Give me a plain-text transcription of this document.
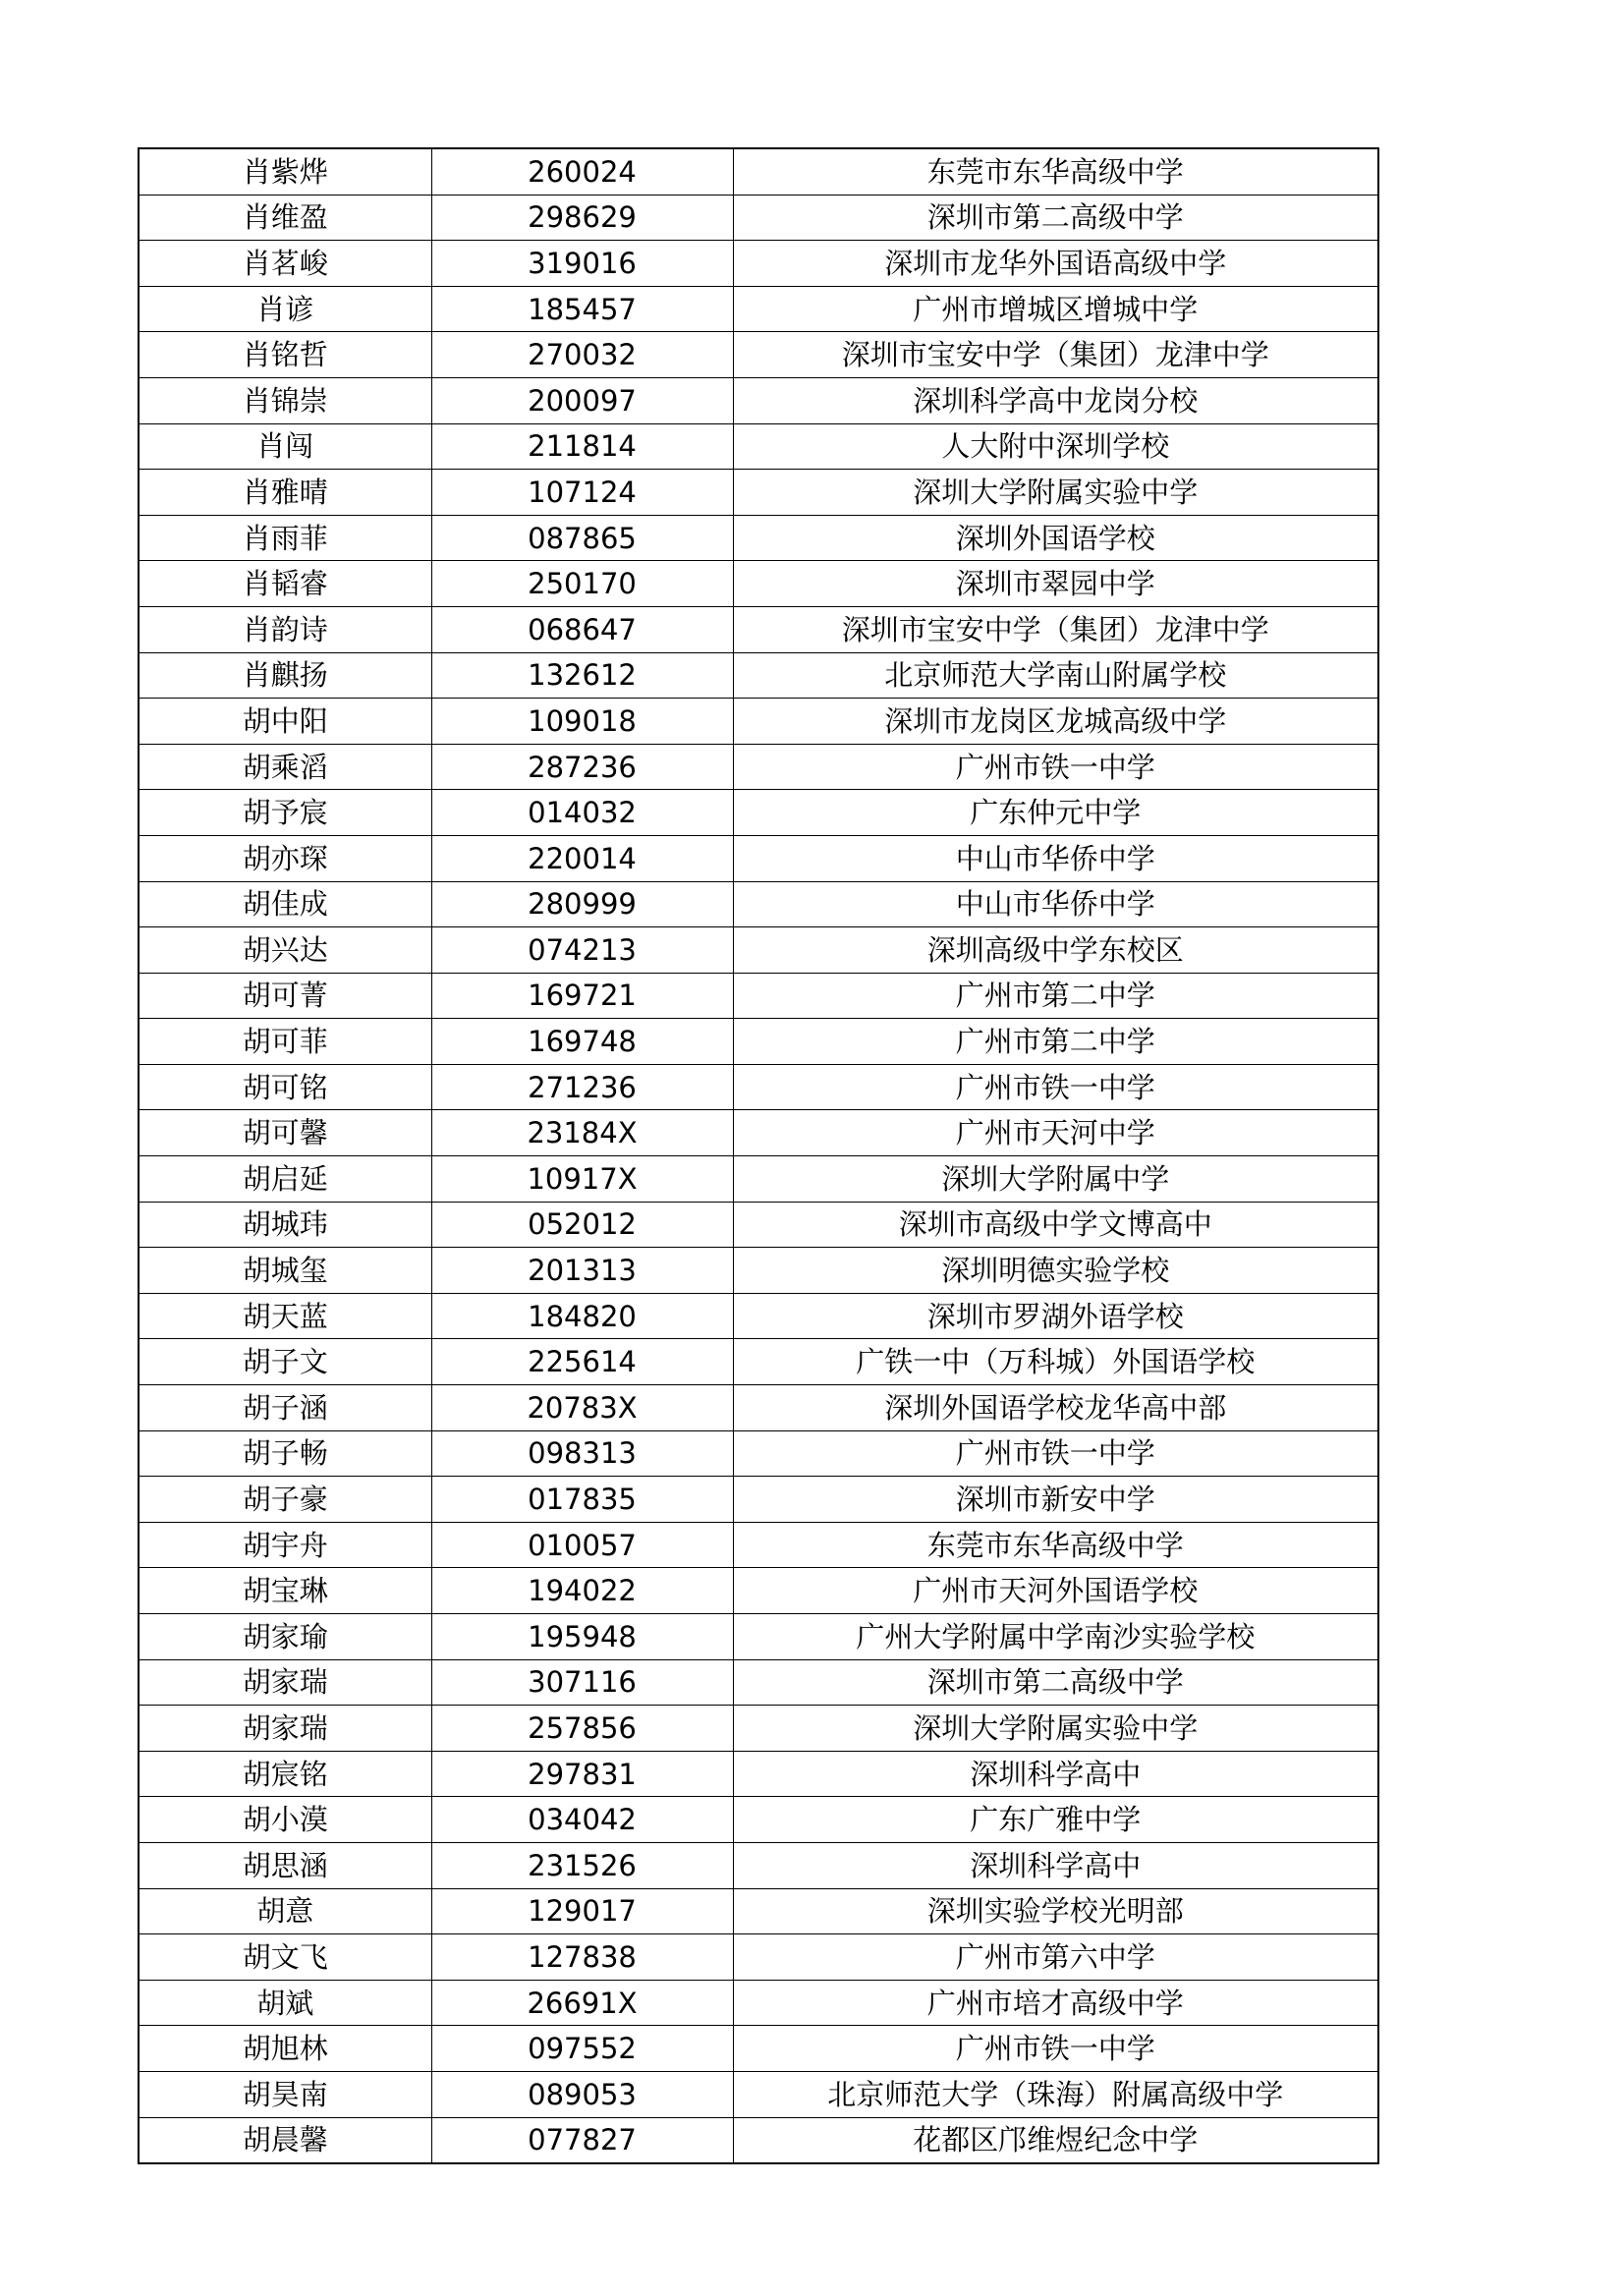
肖紫烨	260024	东莞市东华高级中学
肖维盈	298629	深圳市第二高级中学
肖茗峻	319016	深圳市龙华外国语高级中学
肖谚	185457	广州市增城区增城中学
肖铭哲	270032	深圳市宝安中学（集团）龙津中学
肖锦崇	200097	深圳科学高中龙岗分校
肖闯	211814	人大附中深圳学校
肖雅晴	107124	深圳大学附属实验中学
肖雨菲	087865	深圳外国语学校
肖韬睿	250170	深圳市翠园中学
肖韵诗	068647	深圳市宝安中学（集团）龙津中学
肖麒扬	132612	北京师范大学南山附属学校
胡中阳	109018	深圳市龙岗区龙城高级中学
胡乘滔	287236	广州市铁一中学
胡予宸	014032	广东仲元中学
胡亦琛	220014	中山市华侨中学
胡佳成	280999	中山市华侨中学
胡兴达	074213	深圳高级中学东校区
胡可菁	169721	广州市第二中学
胡可菲	169748	广州市第二中学
胡可铭	271236	广州市铁一中学
胡可馨	23184X	广州市天河中学
胡启延	10917X	深圳大学附属中学
胡城玮	052012	深圳市高级中学文博高中
胡城玺	201313	深圳明德实验学校
胡天蓝	184820	深圳市罗湖外语学校
胡子文	225614	广铁一中（万科城）外国语学校
胡子涵	20783X	深圳外国语学校龙华高中部
胡子畅	098313	广州市铁一中学
胡子豪	017835	深圳市新安中学
胡宇舟	010057	东莞市东华高级中学
胡宝琳	194022	广州市天河外国语学校
胡家瑜	195948	广州大学附属中学南沙实验学校
胡家瑞	307116	深圳市第二高级中学
胡家瑞	257856	深圳大学附属实验中学
胡宸铭	297831	深圳科学高中
胡小漠	034042	广东广雅中学
胡思涵	231526	深圳科学高中
胡意	129017	深圳实验学校光明部
胡文飞	127838	广州市第六中学
胡斌	26691X	广州市培才高级中学
胡旭林	097552	广州市铁一中学
胡昊南	089053	北京师范大学（珠海）附属高级中学
胡晨馨	077827	花都区邝维煜纪念中学
